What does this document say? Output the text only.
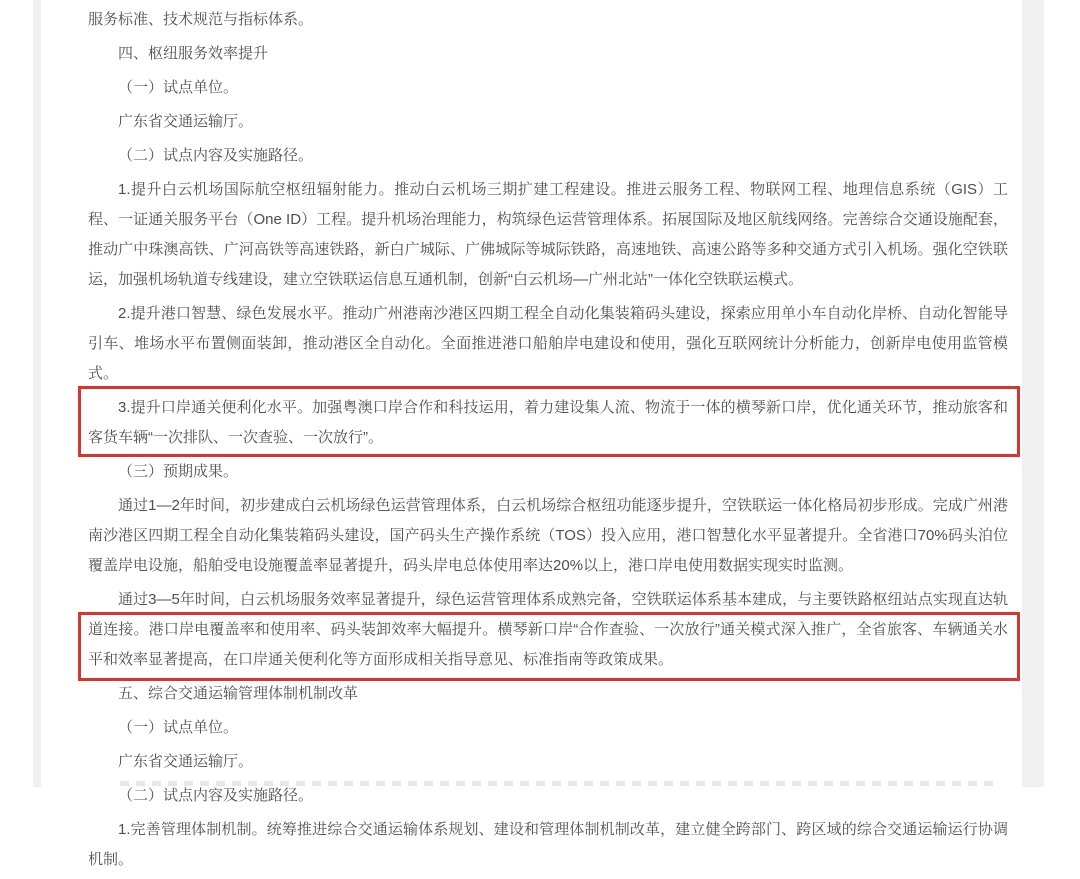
服务标准、技术规范与指标体系。

四、枢纽服务效率提升

（一）试点单位。

广东省交通运输厅。

（二）试点内容及实施路径。

1.提升白云机场国际航空枢纽辐射能力。推动白云机场三期扩建工程建设。推进云服务工程、物联网工程、地理信息系统（GIS）工程、一证通关服务平台（One ID）工程。提升机场治理能力，构筑绿色运营管理体系。拓展国际及地区航线网络。完善综合交通设施配套，推动广中珠澳高铁、广河高铁等高速铁路，新白广城际、广佛城际等城际铁路，高速地铁、高速公路等多种交通方式引入机场。强化空铁联运，加强机场轨道专线建设，建立空铁联运信息互通机制，创新“白云机场—广州北站”一体化空铁联运模式。

2.提升港口智慧、绿色发展水平。推动广州港南沙港区四期工程全自动化集装箱码头建设，探索应用单小车自动化岸桥、自动化智能导引车、堆场水平布置侧面装卸，推动港区全自动化。全面推进港口船舶岸电建设和使用，强化互联网统计分析能力，创新岸电使用监管模式。

3.提升口岸通关便利化水平。加强粤澳口岸合作和科技运用，着力建设集人流、物流于一体的横琴新口岸，优化通关环节，推动旅客和客货车辆“一次排队、一次查验、一次放行”。

（三）预期成果。

通过1—2年时间，初步建成白云机场绿色运营管理体系，白云机场综合枢纽功能逐步提升，空铁联运一体化格局初步形成。完成广州港南沙港区四期工程全自动化集装箱码头建设，国产码头生产操作系统（TOS）投入应用，港口智慧化水平显著提升。全省港口70%码头泊位覆盖岸电设施，船舶受电设施覆盖率显著提升，码头岸电总体使用率达20%以上，港口岸电使用数据实现实时监测。

通过3—5年时间，白云机场服务效率显著提升，绿色运营管理体系成熟完备，空铁联运体系基本建成，与主要铁路枢纽站点实现直达轨道连接。港口岸电覆盖率和使用率、码头装卸效率大幅提升。横琴新口岸“合作查验、一次放行”通关模式深入推广，全省旅客、车辆通关水平和效率显著提高，在口岸通关便利化等方面形成相关指导意见、标准指南等政策成果。

五、综合交通运输管理体制机制改革

（一）试点单位。

广东省交通运输厅。

（二）试点内容及实施路径。

1.完善管理体制机制。统筹推进综合交通运输体系规划、建设和管理体制机制改革，建立健全跨部门、跨区域的综合交通运输运行协调机制。
